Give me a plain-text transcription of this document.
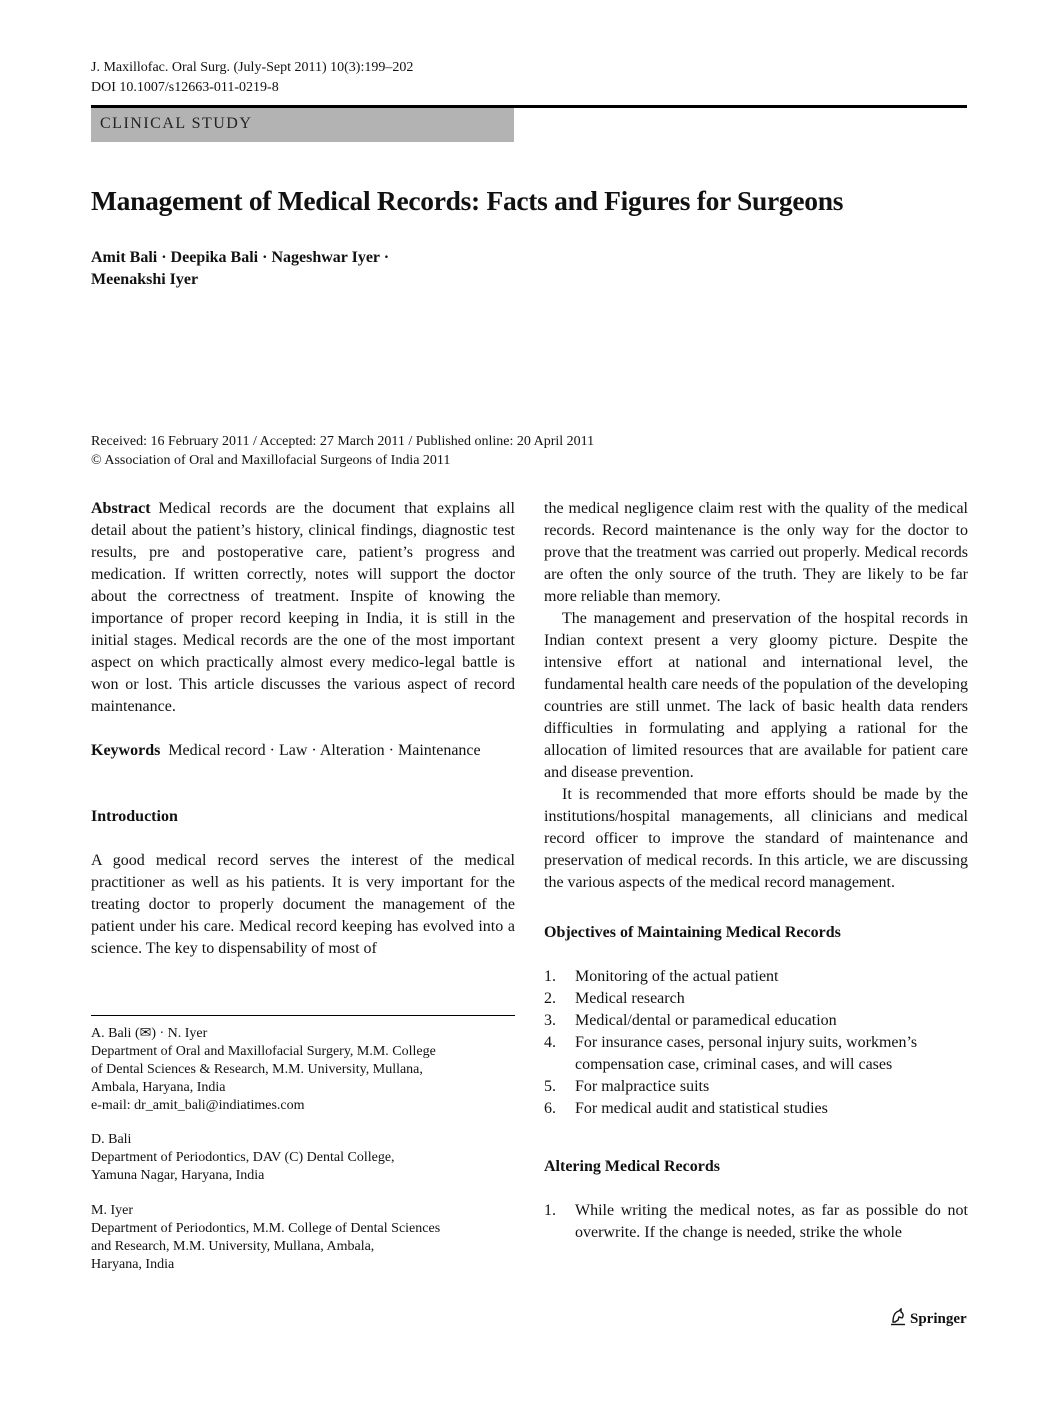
J. Maxillofac. Oral Surg. (July-Sept 2011) 10(3):199–202
DOI 10.1007/s12663-011-0219-8
CLINICAL STUDY
Management of Medical Records: Facts and Figures for Surgeons
Amit Bali · Deepika Bali · Nageshwar Iyer ·
Meenakshi Iyer
Received: 16 February 2011 / Accepted: 27 March 2011 / Published online: 20 April 2011
© Association of Oral and Maxillofacial Surgeons of India 2011

Abstract Medical records are the document that explains all detail about the patient’s history, clinical findings, diagnostic test results, pre and postoperative care, patient’s progress and medication. If written correctly, notes will support the doctor about the correctness of treatment. Inspite of knowing the importance of proper record keeping in India, it is still in the initial stages. Medical records are the one of the most important aspect on which practically almost every medico-legal battle is won or lost. This article discusses the various aspect of record maintenance.

Keywords Medical record · Law · Alteration · Maintenance

Introduction

A good medical record serves the interest of the medical practitioner as well as his patients. It is very important for the treating doctor to properly document the management of the patient under his care. Medical record keeping has evolved into a science. The key to dispensability of most of

A. Bali (✉) · N. Iyer
Department of Oral and Maxillofacial Surgery, M.M. College
of Dental Sciences & Research, M.M. University, Mullana,
Ambala, Haryana, India
e-mail: dr_amit_bali@indiatimes.com
D. Bali
Department of Periodontics, DAV (C) Dental College,
Yamuna Nagar, Haryana, India
M. Iyer
Department of Periodontics, M.M. College of Dental Sciences
and Research, M.M. University, Mullana, Ambala,
Haryana, India

the medical negligence claim rest with the quality of the medical records. Record maintenance is the only way for the doctor to prove that the treatment was carried out properly. Medical records are often the only source of the truth. They are likely to be far more reliable than memory.

The management and preservation of the hospital records in Indian context present a very gloomy picture. Despite the intensive effort at national and international level, the fundamental health care needs of the population of the developing countries are still unmet. The lack of basic health data renders difficulties in formulating and applying a rational for the allocation of limited resources that are available for patient care and disease prevention.

It is recommended that more efforts should be made by the institutions/hospital managements, all clinicians and medical record officer to improve the standard of maintenance and preservation of medical records. In this article, we are discussing the various aspects of the medical record management.

Objectives of Maintaining Medical Records
1.	Monitoring of the actual patient
2.	Medical research
3.	Medical/dental or paramedical education
4.	For insurance cases, personal injury suits, workmen’s compensation case, criminal cases, and will cases
5.	For malpractice suits
6.	For medical audit and statistical studies
Altering Medical Records
1.	While writing the medical notes, as far as possible do not overwrite. If the change is needed, strike the whole
Springer
